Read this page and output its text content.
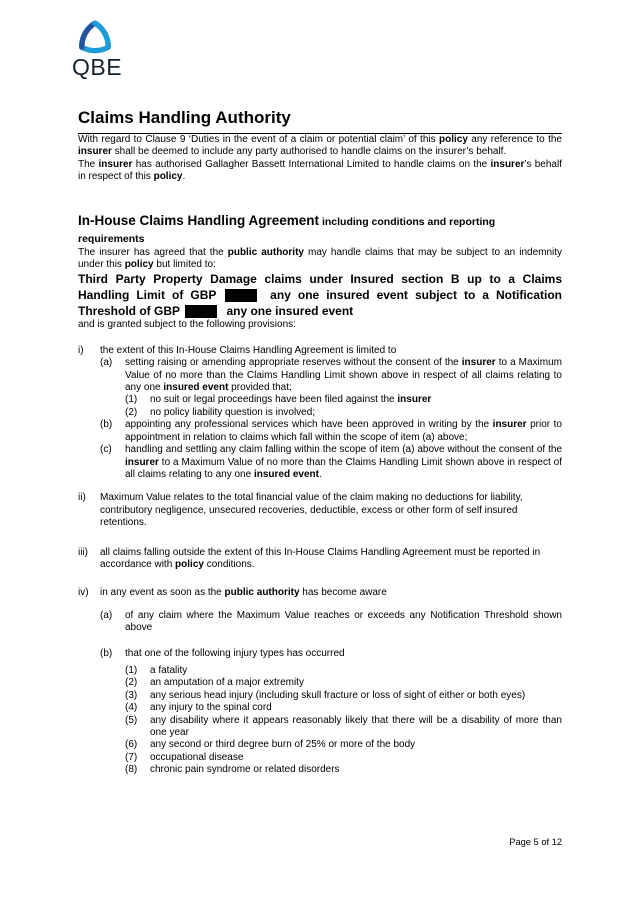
QBE
Claims Handling Authority

With regard to Clause 9 ‘Duties in the event of a claim or potential claim’ of this policy any reference to the insurer shall be deemed to include any party authorised to handle claims on the insurer’s behalf.

The insurer has authorised Gallagher Bassett International Limited to handle claims on the insurer’s behalf in respect of this policy.

In-House Claims Handling Agreement including conditions and reporting requirements

The insurer has agreed that the public authority may handle claims that may be subject to an indemnity under this policy but limited to:

Third Party Property Damage claims under Insured section B up to a Claims Handling Limit of GBP	any one insured event subject to a Notification Threshold of GBP	any one insured event

and is granted subject to the following provisions:

i)	the extent of this In-House Claims Handling Agreement is limited to
(a)	setting raising or amending appropriate reserves without the consent of the insurer to a Maximum Value of no more than the Claims Handling Limit shown above in respect of all claims relating to any one insured event provided that;
(1)	no suit or legal proceedings have been filed against the insurer
(2)	no policy liability question is involved;
(b)	appointing any professional services which have been approved in writing by the insurer prior to appointment in relation to claims which fall within the scope of item (a) above;
(c)	handling and settling any claim falling within the scope of item (a) above without the consent of the insurer to a Maximum Value of no more than the Claims Handling Limit shown above in respect of all claims relating to any one insured event.
ii)	Maximum Value relates to the total financial value of the claim making no deductions for liability, contributory negligence, unsecured recoveries, deductible, excess or other form of self insured retentions.
iii)	all claims falling outside the extent of this In-House Claims Handling Agreement must be reported in accordance with policy conditions.
iv)	in any event as soon as the public authority has become aware
(a)	of any claim where the Maximum Value reaches or exceeds any Notification Threshold shown above
(b)	that one of the following injury types has occurred
(1)	a fatality
(2)	an amputation of a major extremity
(3)	any serious head injury (including skull fracture or loss of sight of either or both eyes)
(4)	any injury to the spinal cord
(5)	any disability where it appears reasonably likely that there will be a disability of more than one year
(6)	any second or third degree burn of 25% or more of the body
(7)	occupational disease
(8)	chronic pain syndrome or related disorders
Page 5 of 12
